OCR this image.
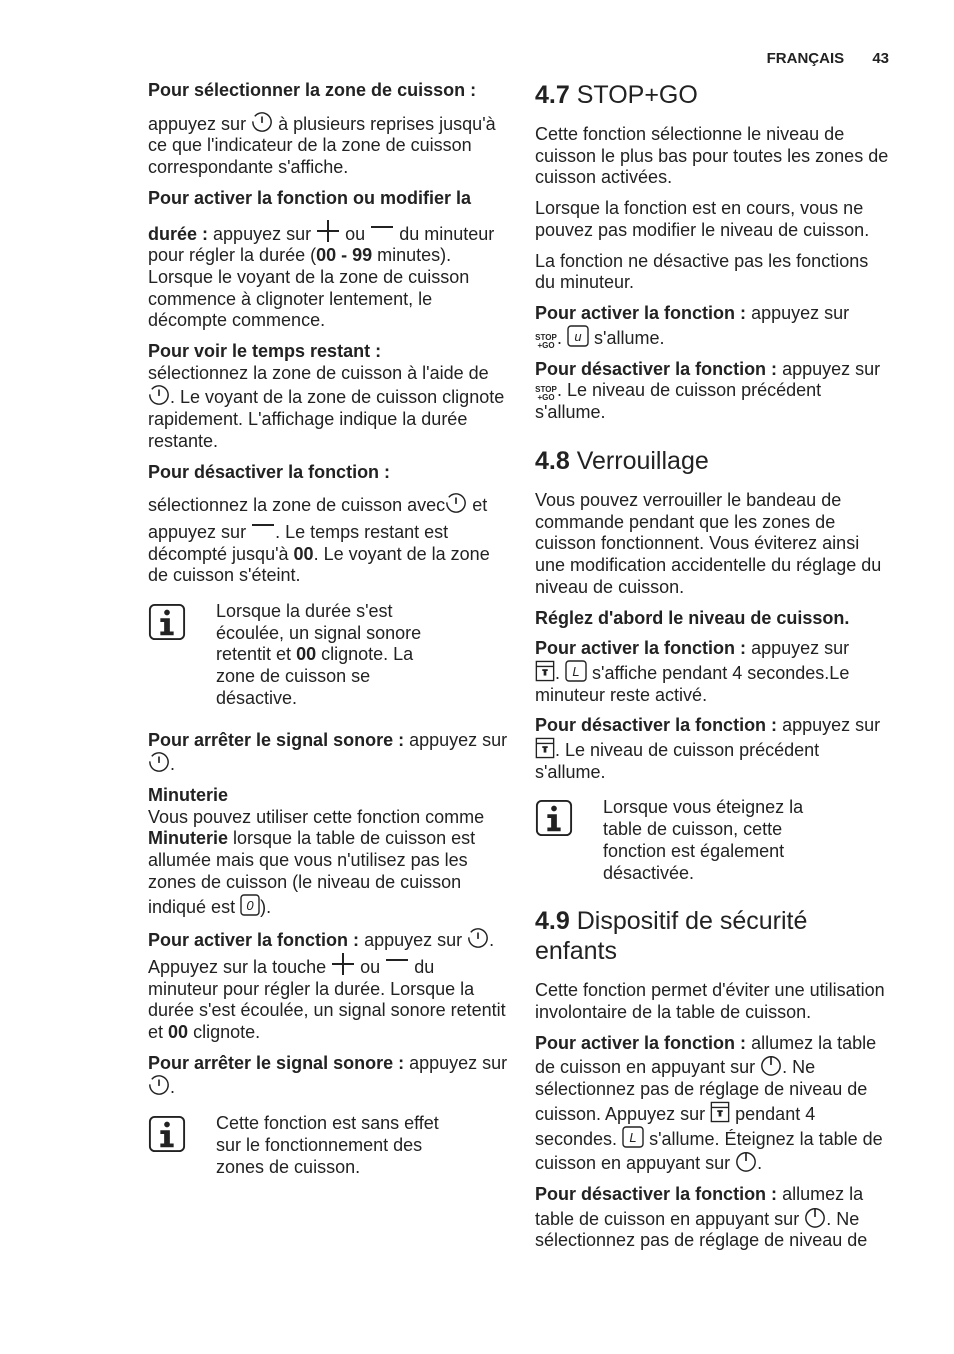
FRANÇAIS 43

Pour sélectionner la zone de cuisson :

appuyez sur à plusieurs reprises jusqu'à ce que l'indicateur de la zone de cuisson correspondante s'affiche.

Pour activer la fonction ou modifier la

durée : appuyez sur ou du minuteur pour régler la durée (00 - 99 minutes). Lorsque le voyant de la zone de cuisson commence à clignoter lentement, le décompte commence.

Pour voir le temps restant :
sélectionnez la zone de cuisson à l'aide de
. Le voyant de la zone de cuisson clignote rapidement. L'affichage indique la durée restante.

Pour désactiver la fonction :

sélectionnez la zone de cuisson avec et appuyez sur . Le temps restant est décompté jusqu'à 00. Le voyant de la zone de cuisson s'éteint.

Lorsque la durée s'est écoulée, un signal sonore retentit et 00 clignote. La zone de cuisson se désactive.

Pour arrêter le signal sonore : appuyez sur
.

Minuterie
Vous pouvez utiliser cette fonction comme Minuterie lorsque la table de cuisson est allumée mais que vous n'utilisez pas les zones de cuisson (le niveau de cuisson indiqué est 0 ).

Pour activer la fonction : appuyez sur . Appuyez sur la touche ou du minuteur pour régler la durée. Lorsque la durée s'est écoulée, un signal sonore retentit et 00 clignote.

Pour arrêter le signal sonore : appuyez sur
.

Cette fonction est sans effet sur le fonctionnement des zones de cuisson.
4.7 STOP+GO

Cette fonction sélectionne le niveau de cuisson le plus bas pour toutes les zones de cuisson activées.

Lorsque la fonction est en cours, vous ne pouvez pas modifier le niveau de cuisson.

La fonction ne désactive pas les fonctions du minuteur.

Pour activer la fonction : appuyez sur
STOP
+GO . u s'allume.

Pour désactiver la fonction : appuyez sur STOP
+GO . Le niveau de cuisson précédent s'allume.

4.8 Verrouillage

Vous pouvez verrouiller le bandeau de commande pendant que les zones de cuisson fonctionnent. Vous éviterez ainsi une modification accidentelle du réglage du niveau de cuisson.

Réglez d'abord le niveau de cuisson.

Pour activer la fonction : appuyez sur

. L s'affiche pendant 4 secondes.Le minuteur reste activé.

Pour désactiver la fonction : appuyez sur
. Le niveau de cuisson précédent s'allume.

Lorsque vous éteignez la table de cuisson, cette fonction est également désactivée.
4.9 Dispositif de sécurité enfants

Cette fonction permet d'éviter une utilisation involontaire de la table de cuisson.

Pour activer la fonction : allumez la table de cuisson en appuyant sur . Ne sélectionnez pas de réglage de niveau de cuisson. Appuyez sur pendant 4 secondes. L s'allume. Éteignez la table de cuisson en appuyant sur .

Pour désactiver la fonction : allumez la table de cuisson en appuyant sur . Ne sélectionnez pas de réglage de niveau de
